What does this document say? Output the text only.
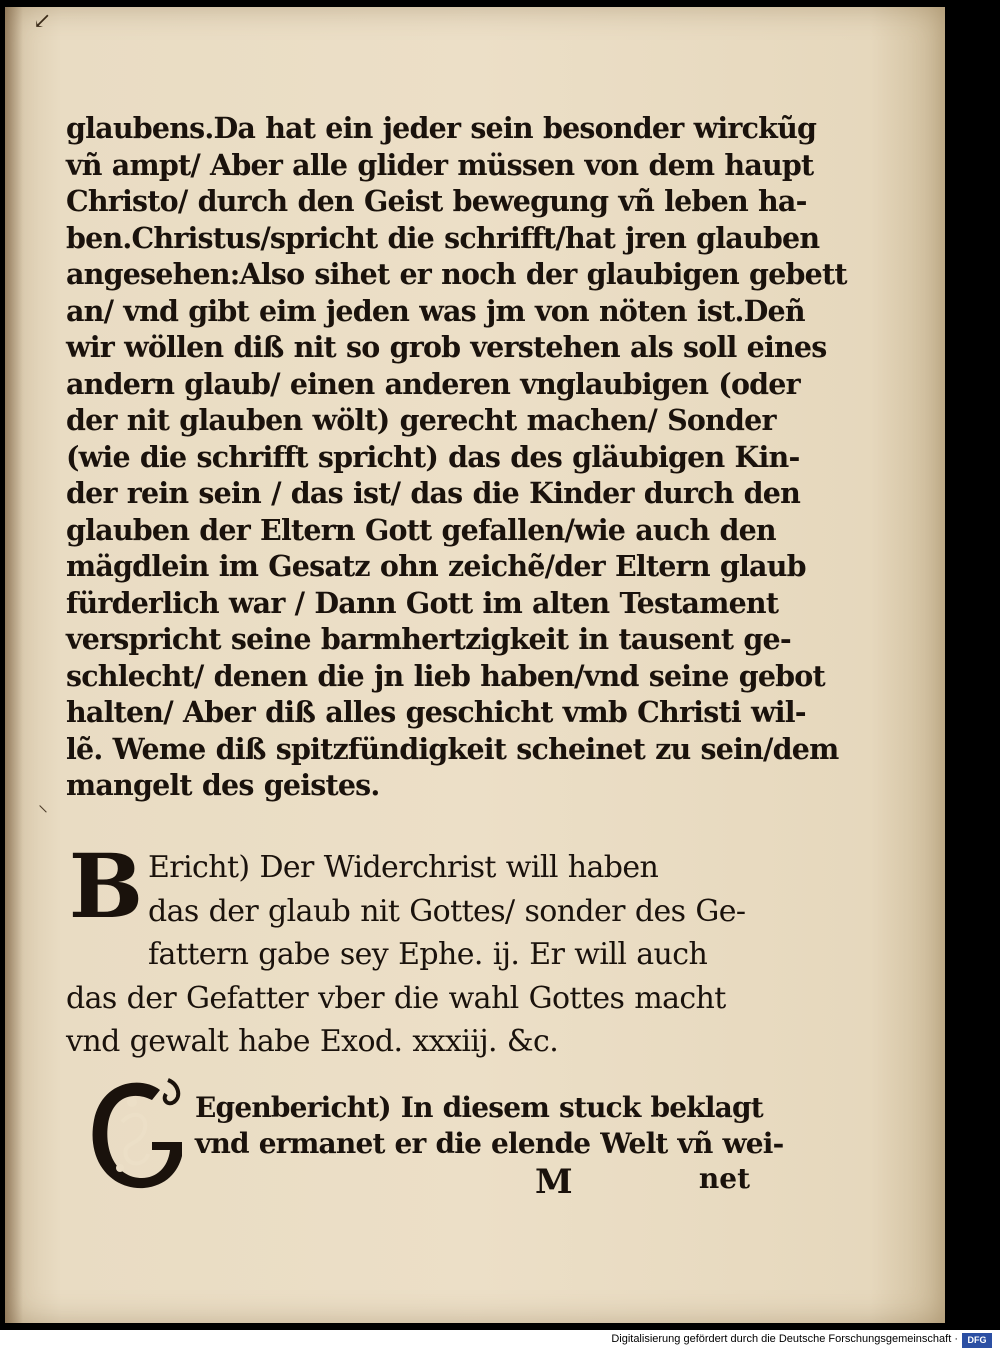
↙
⸜
glaubens.Da hat ein jeder sein besonder wirckũg
vñ ampt/ Aber alle glider müssen von dem haupt
Christo/ durch den Geist bewegung vñ leben ha-
ben.Christus/spricht die schrifft/hat jren glauben
angesehen:Also sihet er noch der glaubigen gebett
an/ vnd gibt eim jeden was jm von nöten ist.Deñ
wir wöllen diß nit so grob verstehen als soll eines
andern glaub/ einen anderen vnglaubigen (oder
der nit glauben wölt) gerecht machen/ Sonder
(wie die schrifft spricht) das des gläubigen Kin-
der rein sein / das ist/ das die Kinder durch den
glauben der Eltern Gott gefallen/wie auch den
mägdlein im Gesatz ohn zeichẽ/der Eltern glaub
fürderlich war / Dann Gott im alten Testament
verspricht seine barmhertzigkeit in tausent ge-
schlecht/ denen die jn lieb haben/vnd seine gebot
halten/ Aber diß alles geschicht vmb Christi wil-
lẽ. Weme diß spitzfündigkeit scheinet zu sein/dem
mangelt des geistes.
B Ericht) Der Widerchrist will haben
das der glaub nit Gottes/ sonder des Ge-
fattern gabe sey Ephe. ij. Er will auch
das der Gefatter vber die wahl Gottes macht
vnd gewalt habe Exod. xxxiij. &c.
Egenbericht) In diesem stuck beklagt
vnd ermanet er die elende Welt vñ wei-
M	net
Digitalisierung gefördert durch die Deutsche Forschungsgemeinschaft ·	DFG
